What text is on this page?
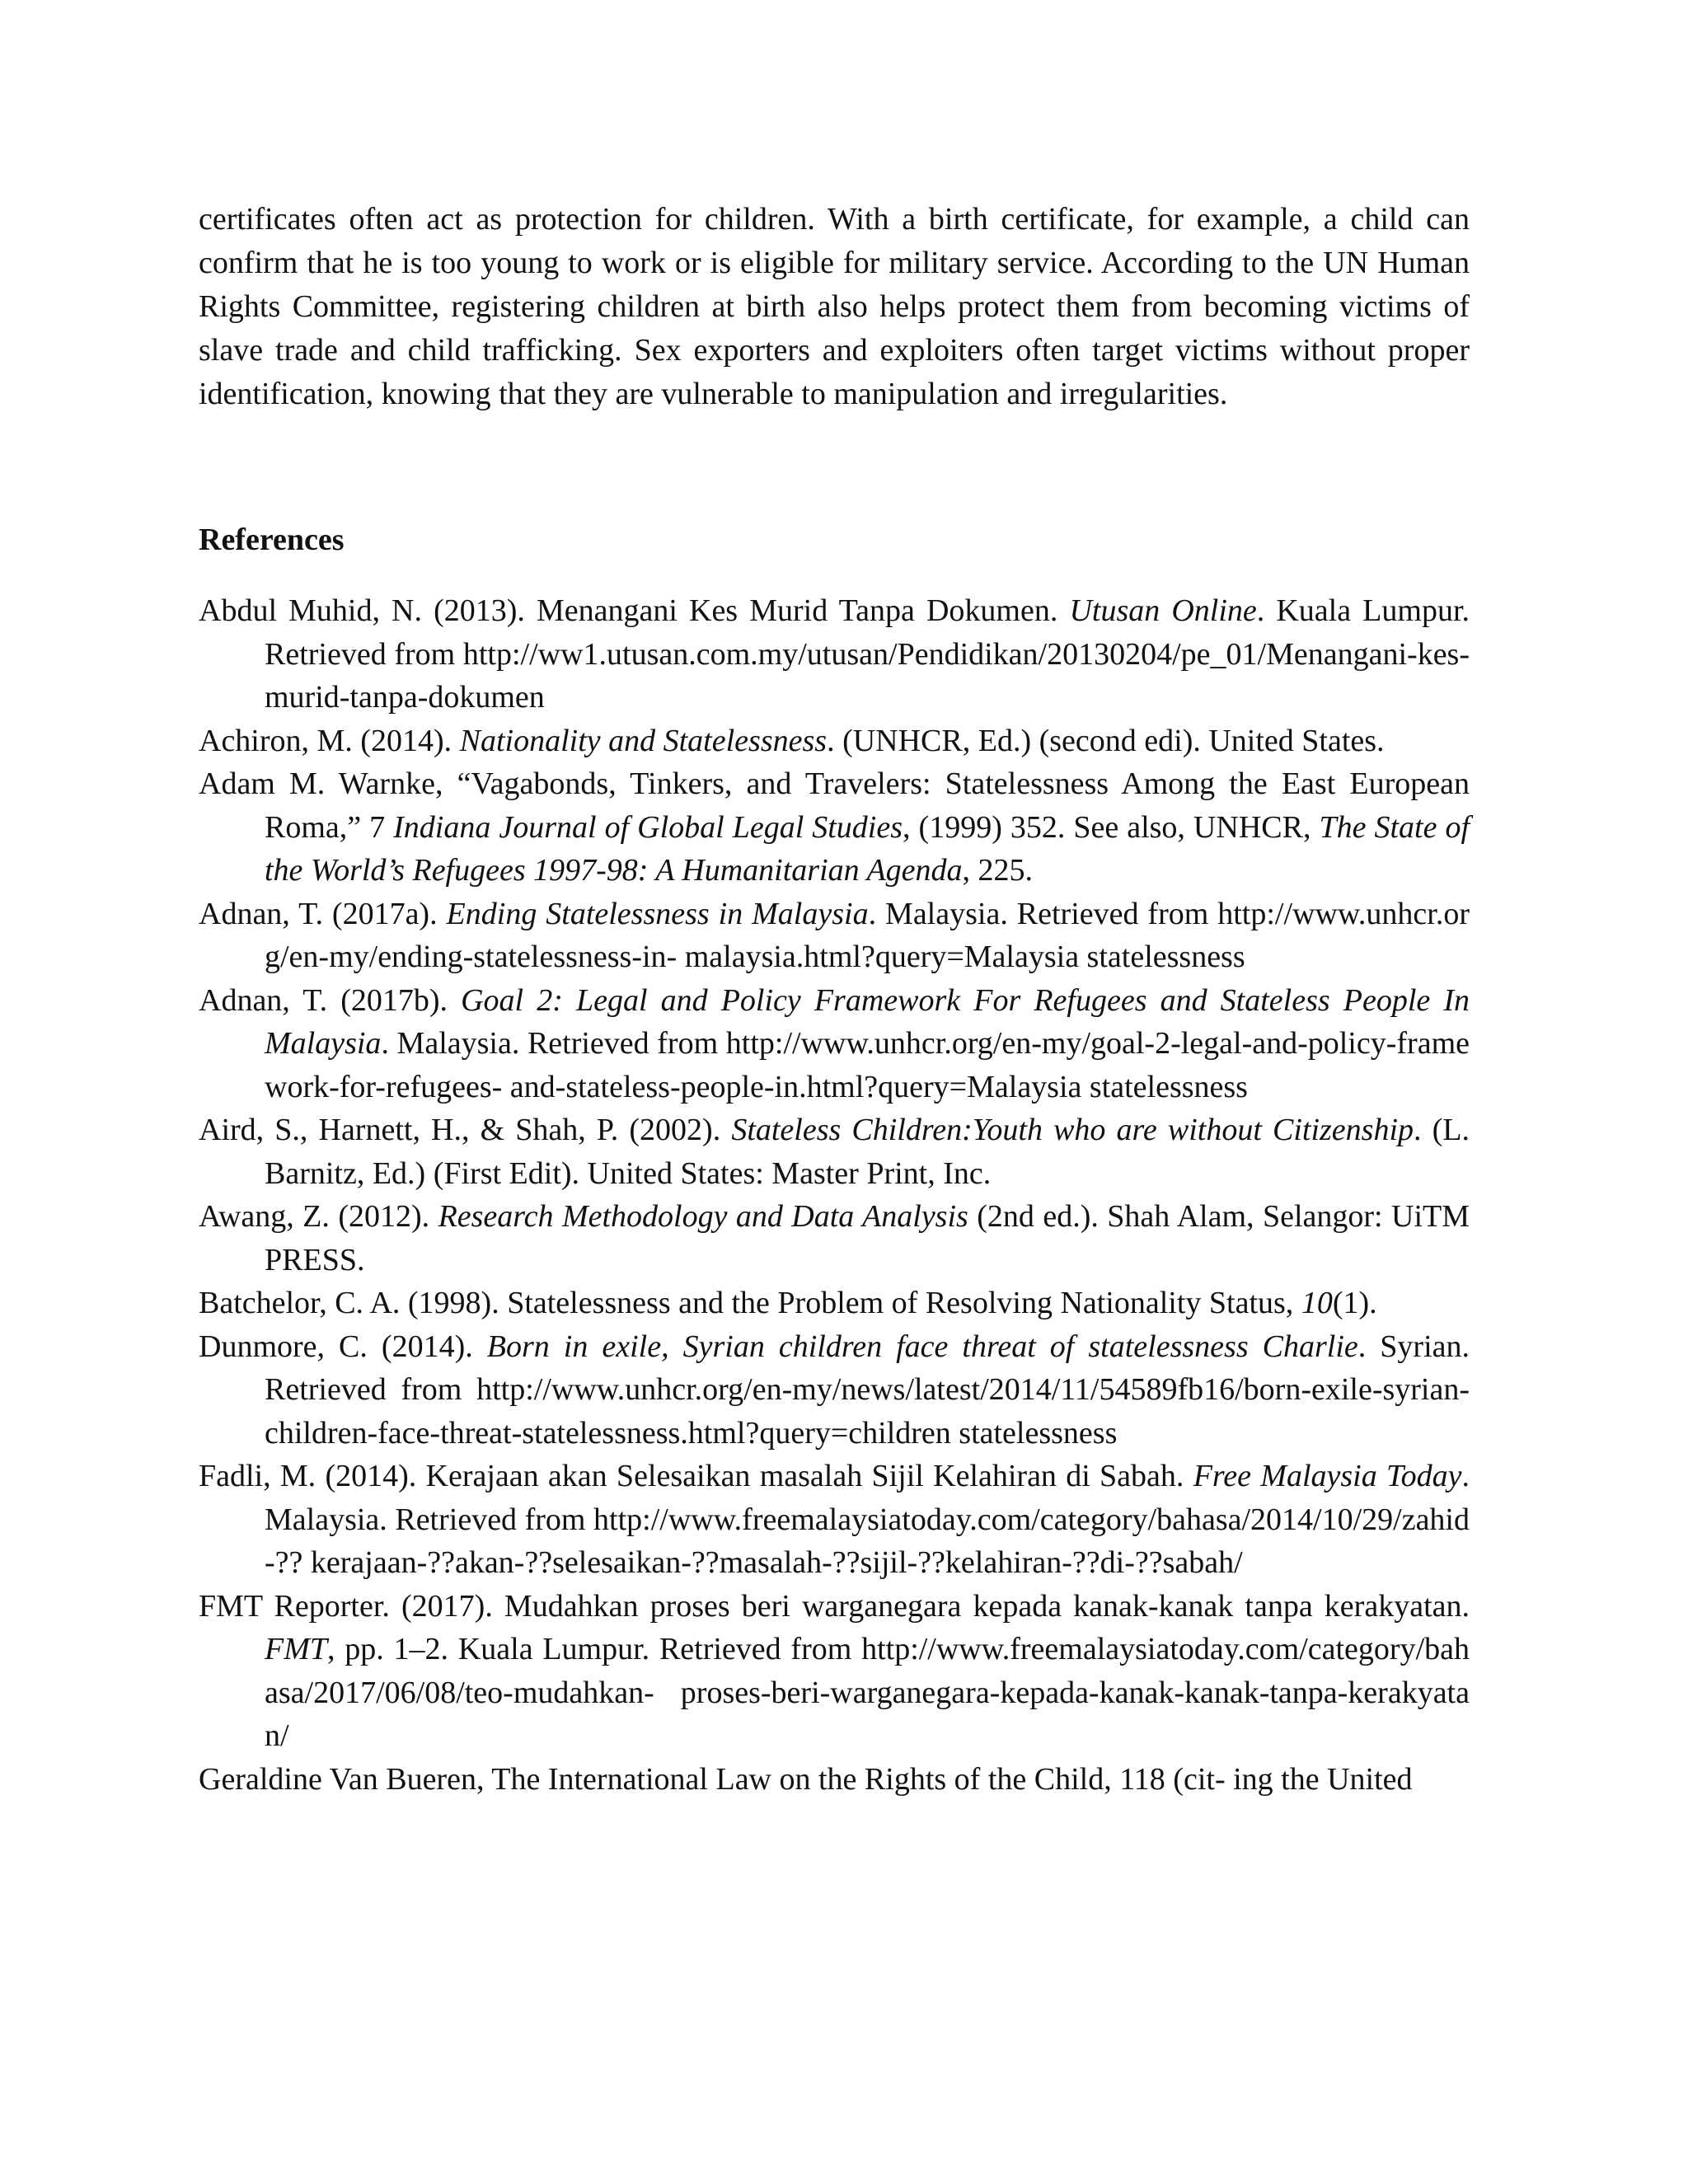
certificates often act as protection for children. With a birth certificate, for example, a child can confirm that he is too young to work or is eligible for military service. According to the UN Human Rights Committee, registering children at birth also helps protect them from becoming victims of slave trade and child trafficking. Sex exporters and exploiters often target victims without proper identification, knowing that they are vulnerable to manipulation and irregularities.

References
Abdul Muhid, N. (2013). Menangani Kes Murid Tanpa Dokumen. Utusan Online. Kuala Lumpur. Retrieved from http://ww1.utusan.com.my/utusan/Pendidikan/20130204/pe_01/Menangani-kes-murid-tanpa-dokumen
Achiron, M. (2014). Nationality and Statelessness. (UNHCR, Ed.) (second edi). United States.
Adam M. Warnke, “Vagabonds, Tinkers, and Travelers: Statelessness Among the East European Roma,” 7 Indiana Journal of Global Legal Studies, (1999) 352. See also, UNHCR, The State of the World’s Refugees 1997-98: A Humanitarian Agenda, 225.
Adnan, T. (2017a). Ending Statelessness in Malaysia. Malaysia. Retrieved from http://www.unhcr.org/en-my/ending-statelessness-in- malaysia.html?query=Malaysia statelessness
Adnan, T. (2017b). Goal 2: Legal and Policy Framework For Refugees and Stateless People In Malaysia. Malaysia. Retrieved from http://www.unhcr.org/en-my/goal-2-legal-and-policy-framework-for-refugees- and-stateless-people-in.html?query=Malaysia statelessness
Aird, S., Harnett, H., & Shah, P. (2002). Stateless Children:Youth who are without Citizenship. (L. Barnitz, Ed.) (First Edit). United States: Master Print, Inc.
Awang, Z. (2012). Research Methodology and Data Analysis (2nd ed.). Shah Alam, Selangor: UiTM PRESS.
Batchelor, C. A. (1998). Statelessness and the Problem of Resolving Nationality Status, 10(1).
Dunmore, C. (2014). Born in exile, Syrian children face threat of statelessness Charlie. Syrian. Retrieved from http://www.unhcr.org/en-my/news/latest/2014/11/54589fb16/born-exile-syrian- children-face-threat-statelessness.html?query=children statelessness
Fadli, M. (2014). Kerajaan akan Selesaikan masalah Sijil Kelahiran di Sabah. Free Malaysia Today. Malaysia. Retrieved from http://www.freemalaysiatoday.com/category/bahasa/2014/10/29/zahid-?? kerajaan-??akan-??selesaikan-??masalah-??sijil-??kelahiran-??di-??sabah/
FMT Reporter. (2017). Mudahkan proses beri warganegara kepada kanak-kanak tanpa kerakyatan. FMT, pp. 1–2. Kuala Lumpur. Retrieved from http://www.freemalaysiatoday.com/category/bahasa/2017/06/08/teo-mudahkan- proses-beri-warganegara-kepada-kanak-kanak-tanpa-kerakyatan/
Geraldine Van Bueren, The International Law on the Rights of the Child, 118 (cit- ing the United
